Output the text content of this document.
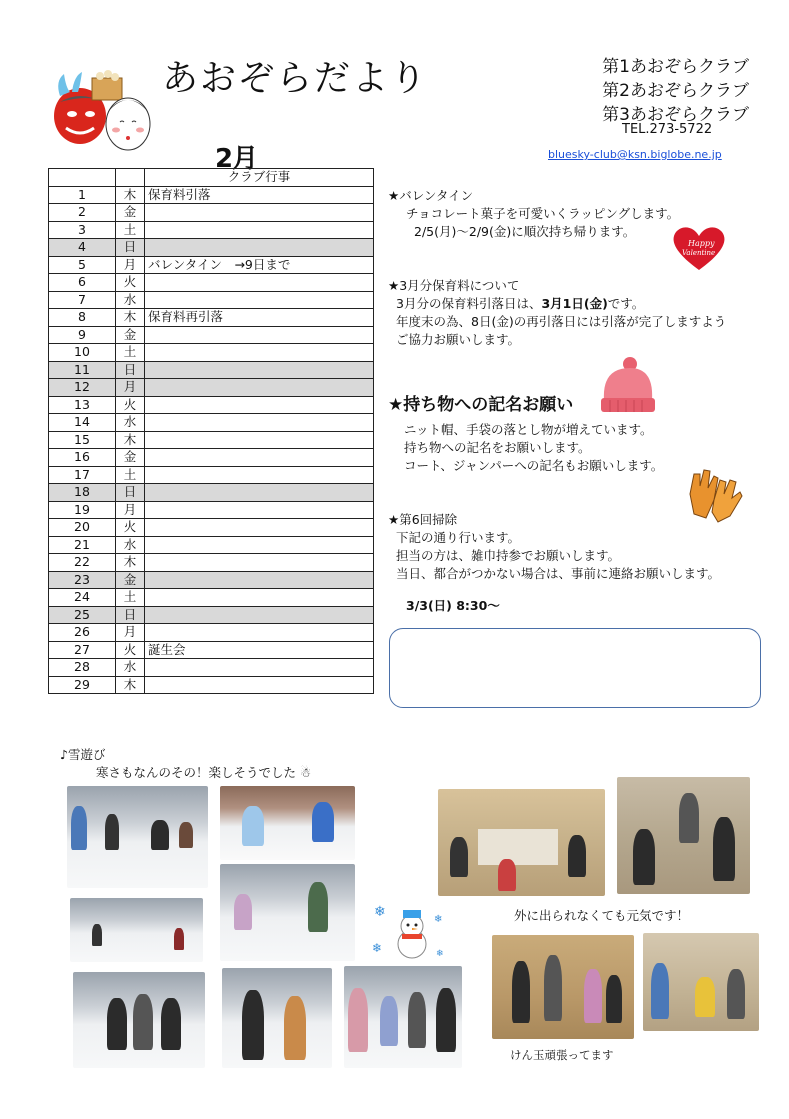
あおぞらだより	第1あおぞらクラブ
第2あおぞらクラブ
第3あおぞらクラブ
TEL.273-5722
bluesky-club@ksn.biglobe.ne.jp
2月
		クラブ行事
1	木	保育料引落
2	金	
3	土	
4	日	
5	月	バレンタイン　→9日まで
6	火	
7	水	
8	木	保育料再引落
9	金	
10	土	
11	日	
12	月	
13	火	
14	水	
15	木	
16	金	
17	土	
18	日	
19	月	
20	火	
21	水	
22	木	
23	金	
24	土	
25	日	
26	月	
27	火	誕生会
28	水	
29	木	

★バレンタイン

チョコレート菓子を可愛いくラッピングします。

2/5(月)～2/9(金)に順次持ち帰ります。

Happy
Valentine

★3月分保育料について

3月分の保育料引落日は、3月1日(金)です。

年度末の為、8日(金)の再引落日には引落が完了しますよう

ご協力お願いします。

★持ち物への記名お願い

ニット帽、手袋の落とし物が増えています。

持ち物への記名をお願いします。

コート、ジャンパーへの記名もお願いします。

★第6回掃除

下記の通り行います。

担当の方は、雑巾持参でお願いします。

当日、都合がつかない場合は、事前に連絡お願いします。

3/3(日) 8:30～

♪雪遊び
寒さもなんのその！楽しそうでした ☃
❄
❄
❄
❄
外に出られなくても元気です！
けん玉頑張ってます
